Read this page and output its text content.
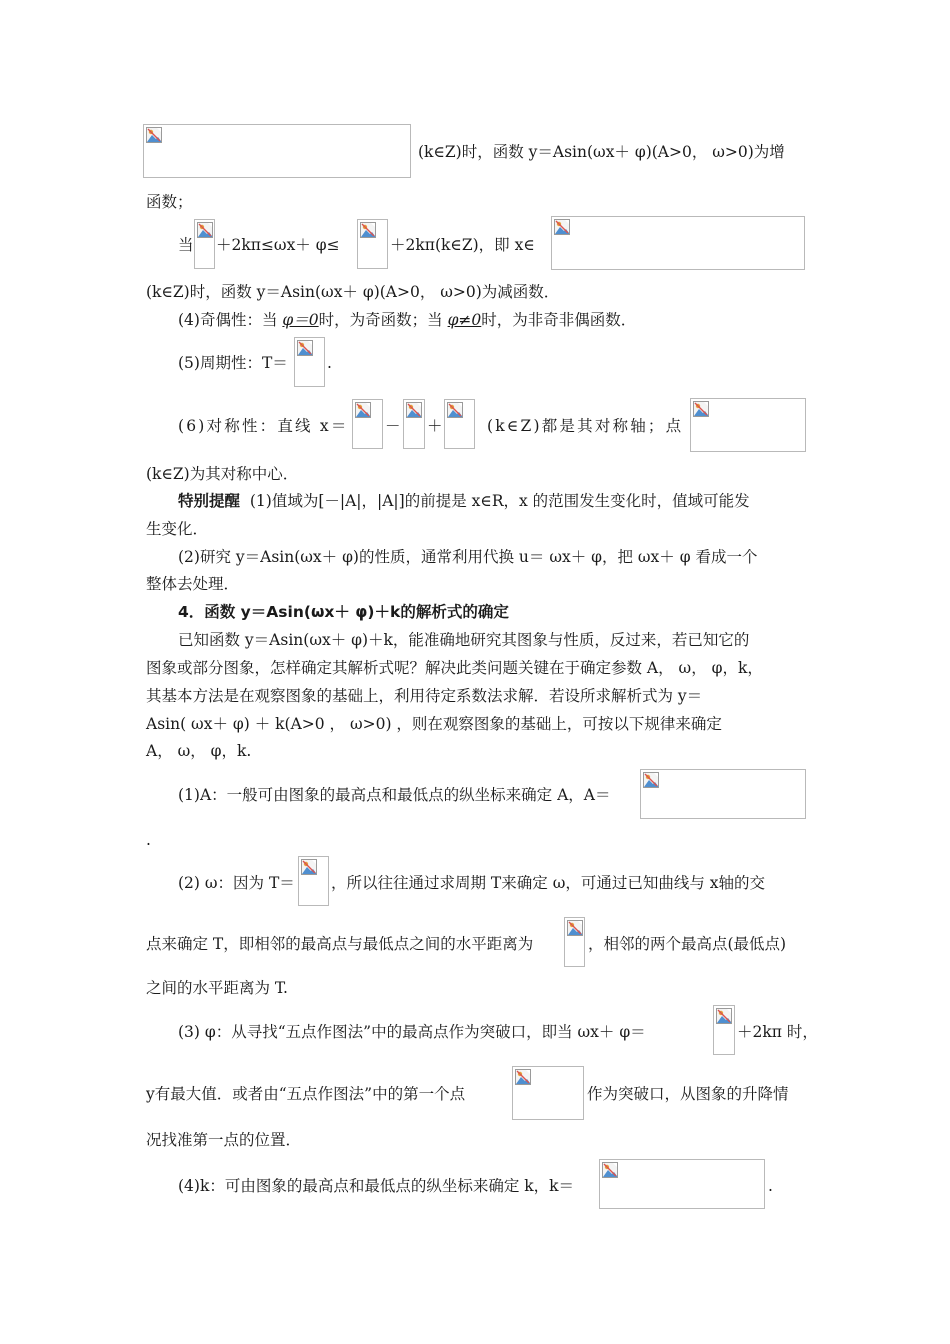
(k∈Z)时，函数 y＝Asin(ωx＋ φ)(A>0， ω>0)为增
函数；
当 ＋2kπ≤ωx＋ φ≤	＋2kπ(k∈Z)，即 x∈
(k∈Z)时，函数 y＝Asin(ωx＋ φ)(A>0， ω>0)为减函数．
(4)奇偶性：当 φ＝0时，为奇函数；当 φ≠0时，为非奇非偶函数．
(5)周期性：T＝	.
(6)对称性：直线 x＝ － ＋	(k∈Z)都是其对称轴；点
(k∈Z)为其对称中心．
特别提醒 (1)值域为[－|A|，|A|]的前提是 x∈R，x 的范围发生变化时，值域可能发
生变化．
(2)研究 y＝Asin(ωx＋ φ)的性质，通常利用代换 u＝ ωx＋ φ，把 ωx＋ φ 看成一个
整体去处理．
4．函数 y＝Asin(ωx＋ φ)＋k的解析式的确定
已知函数 y＝Asin(ωx＋ φ)＋k，能准确地研究其图象与性质，反过来，若已知它的
图象或部分图象，怎样确定其解析式呢？解决此类问题关键在于确定参数 A， ω， φ，k，
其基本方法是在观察图象的基础上，利用待定系数法求解．若设所求解析式为 y＝
Asin( ωx＋ φ) ＋ k(A>0 ， ω>0) ，则在观察图象的基础上，可按以下规律来确定
A， ω， φ，k.
(1)A：一般可由图象的最高点和最低点的纵坐标来确定 A，A＝
.
(2) ω：因为 T＝ ，所以往往通过求周期 T来确定 ω，可通过已知曲线与 x轴的交
点来确定 T，即相邻的最高点与最低点之间的水平距离为	，相邻的两个最高点(最低点)
之间的水平距离为 T.
(3) φ：从寻找“五点作图法”中的最高点作为突破口，即当 ωx＋ φ＝	＋2kπ 时，
y有最大值．或者由“五点作图法”中的第一个点	作为突破口，从图象的升降情
况找准第一点的位置．
(4)k：可由图象的最高点和最低点的纵坐标来确定 k，k＝	.
